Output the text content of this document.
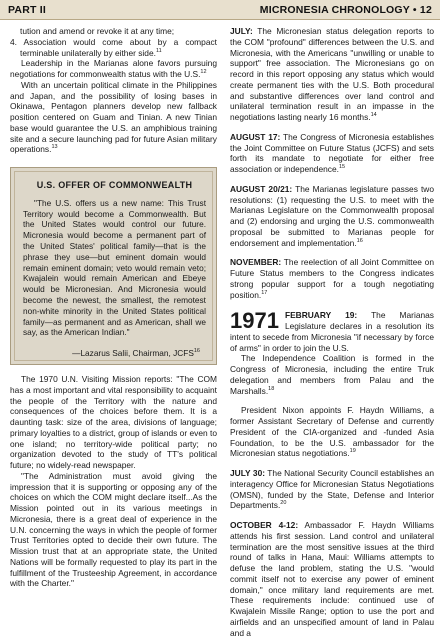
PART II	MICRONESIA CHRONOLOGY • 12

tution and amend or revoke it at any time;

4. Association would come about by a compact terminable unilaterally by either side.$^{11}$

Leadership in the Marianas alone favors pursuing negotiations for commonwealth status with the U.S.$^{12}$

With an uncertain political climate in the Philippines and Japan, and the possibility of losing bases in Okinawa, Pentagon planners develop new fallback position centered on Guam and Tinian. A new Tinian base would guarantee the U.S. an amphibious training site and a secure launching pad for future Asian military operations.$^{13}$

U.S. OFFER OF COMMONWEALTH
"The U.S. offers us a new name: This Trust Territory would become a Commonwealth. But the United States would control our future. Micronesia would become a permanent part of the United States' political family—that is the phrase they use—but eminent domain would remain eminent domain; veto would remain veto; Kwajalein would remain American and Ebeye would be Micronesian. And Micronesia would become the newest, the smallest, the remotest non-white minority in the United States political family—as permanent and as American, shall we say, as the American Indian."
—Lazarus Salii, Chairman, JCFS$^{16}$

The 1970 U.N. Visiting Mission reports: "The COM has a most important and vital responsibility to acquaint the people of the Territory with the nature and consequences of the choices before them. It is a daunting task: size of the area, divisions of language; primary loyalties to a district, group of islands or even to one island; no territory-wide political party; no organization devoted to the study of TT's political future; no widely-read newspaper.

"The Administration must avoid giving the impression that it is supporting or opposing any of the choices on which the COM might declare itself...As the Mission pointed out in its various meetings in Micronesia, there is a great deal of experience in the U.N. concerning the ways in which the people of former Trust Territories opted to decide their own future. The Mission trust that at an appropriate state, the United Nations will be formally requested to play its part in the fulfillment of the Trusteeship Agreement, in accordance with the Charter."

JULY: The Micronesian status delegation reports to the COM "profound" differences between the U.S. and Micronesia, with the Americans "unwilling or unable to support" free association. The Micronesians go on record in this report opposing any status which would create permanent ties with the U.S. Both procedural and substantive differences over land control and unilateral termination result in an impasse in the negotiations lasting nearly 16 months.$^{14}$

AUGUST 17: The Congress of Micronesia establishes the Joint Committee on Future Status (JCFS) and sets forth its mandate to negotiate for either free association or independence.$^{15}$

AUGUST 20/21: The Marianas legislature passes two resolutions: (1) requesting the U.S. to meet with the Marianas Legislature on the Commonwealth proposal and (2) endorsing and urging the U.S. commonwealth proposal be submitted to Marianas people for endorsement and implementation.$^{16}$

NOVEMBER: The reelection of all Joint Committee on Future Status members to the Congress indicates strong popular support for a tough negotiating position.$^{17}$

1971 FEBRUARY 19: The Marianas Legislature declares in a resolution its intent to secede from Micronesia "if necessary by force of arms" in order to join the U.S.

The Independence Coalition is formed in the Congress of Micronesia, including the entire Truk delegation and members from Palau and the Marshalls.$^{18}$

President Nixon appoints F. Haydn Williams, a former Assistant Secretary of Defense and currently President of the CIA-organized and -funded Asia Foundation, to be the U.S. ambassador for the Micronesian status negotiations.$^{19}$

JULY 30: The National Security Council establishes an interagency Office for Micronesian Status Negotiations (OMSN), funded by the State, Defense and Interior Departments.$^{20}$

OCTOBER 4-12: Ambassador F. Haydn Williams attends his first session. Land control and unilateral termination are the most sensitive issues at the third round of talks in Hana, Maui: Williams attempts to defuse the land problem, stating the U.S. "would commit itself not to exercise any power of eminent domain," once military land requirements are met. These requirements include: continued use of Kwajalein Missile Range; option to use the port and airfields and an unspecified amount of land in Palau and a
